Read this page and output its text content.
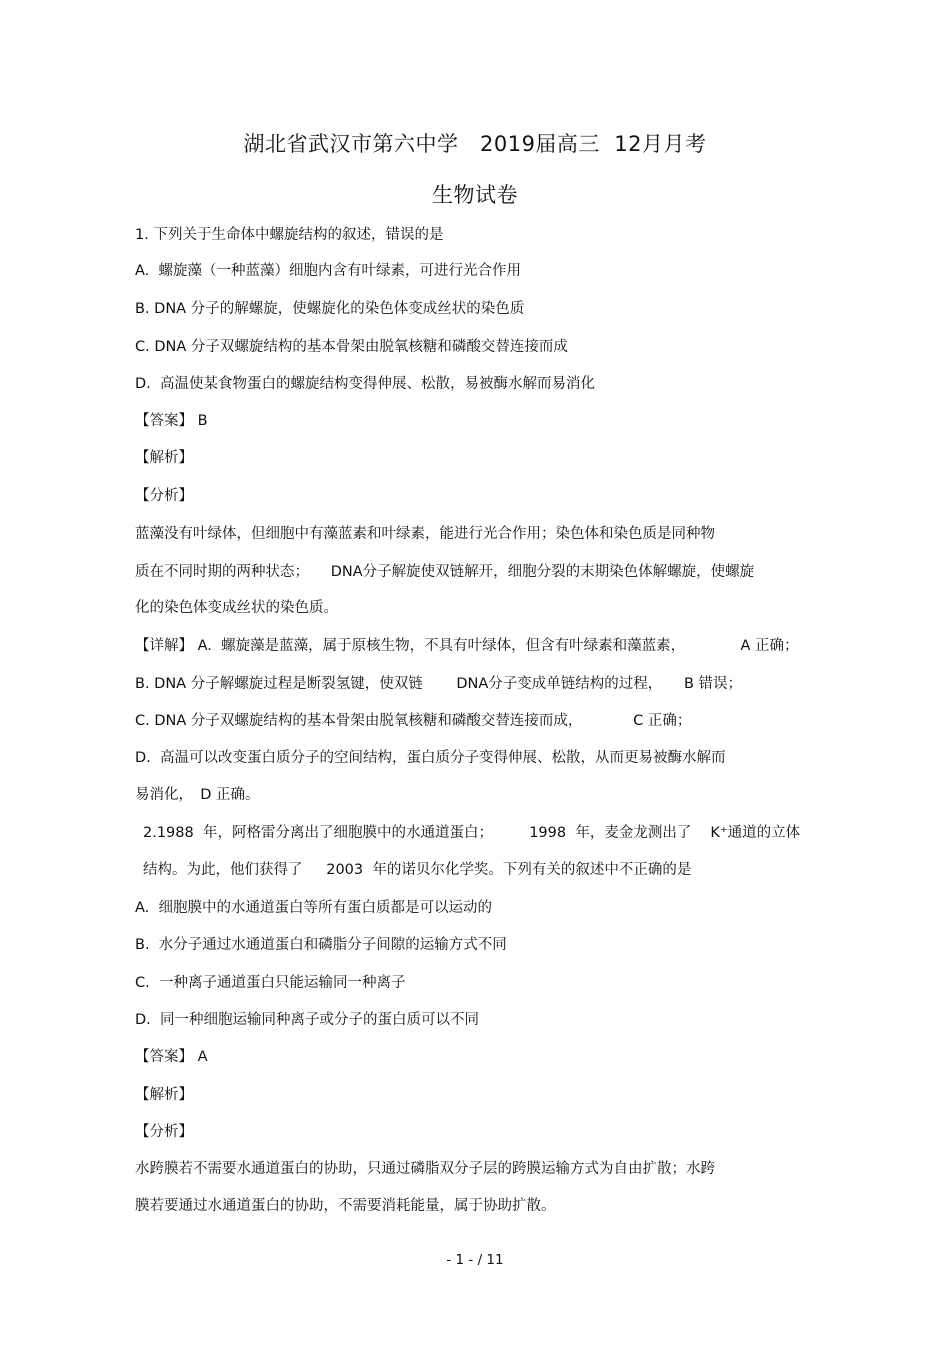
湖北省武汉市第六中学　2019届高三  12月月考
生物试卷
1. 下列关于生命体中螺旋结构的叙述，错误的是
A.  螺旋藻（一种蓝藻）细胞内含有叶绿素，可进行光合作用
B. DNA 分子的解螺旋，使螺旋化的染色体变成丝状的染色质
C. DNA 分子双螺旋结构的基本骨架由脱氧核糖和磷酸交替连接而成
D.  高温使某食物蛋白的螺旋结构变得伸展、松散，易被酶水解而易消化
【答案】 B
【解析】
【分析】
蓝藻没有叶绿体，但细胞中有藻蓝素和叶绿素，能进行光合作用；染色体和染色质是同种物
质在不同时期的两种状态；　　DNA分子解旋使双链解开，细胞分裂的末期染色体解螺旋，使螺旋
化的染色体变成丝状的染色质。
【详解】 A.  螺旋藻是蓝藻，属于原核生物，不具有叶绿体，但含有叶绿素和藻蓝素，　　　　 A 正确；
B. DNA 分子解螺旋过程是断裂氢键，使双链　　 DNA分子变成单链结构的过程，　　B 错误；
C. DNA 分子双螺旋结构的基本骨架由脱氧核糖和磷酸交替连接而成，　　　　C 正确；
D.  高温可以改变蛋白质分子的空间结构，蛋白质分子变得伸展、松散，从而更易被酶水解而
易消化，　D 正确。
2.1988  年，阿格雷分离出了细胞膜中的水通道蛋白；　　　1998  年，麦金龙测出了　 K⁺通道的立体
结构。为此，他们获得了　  2003  年的诺贝尔化学奖。下列有关的叙述中不正确的是
A.  细胞膜中的水通道蛋白等所有蛋白质都是可以运动的
B.  水分子通过水通道蛋白和磷脂分子间隙的运输方式不同
C.  一种离子通道蛋白只能运输同一种离子
D.  同一种细胞运输同种离子或分子的蛋白质可以不同
【答案】 A
【解析】
【分析】
水跨膜若不需要水通道蛋白的协助，只通过磷脂双分子层的跨膜运输方式为自由扩散；水跨
膜若要通过水通道蛋白的协助，不需要消耗能量，属于协助扩散。
- 1 - / 11
